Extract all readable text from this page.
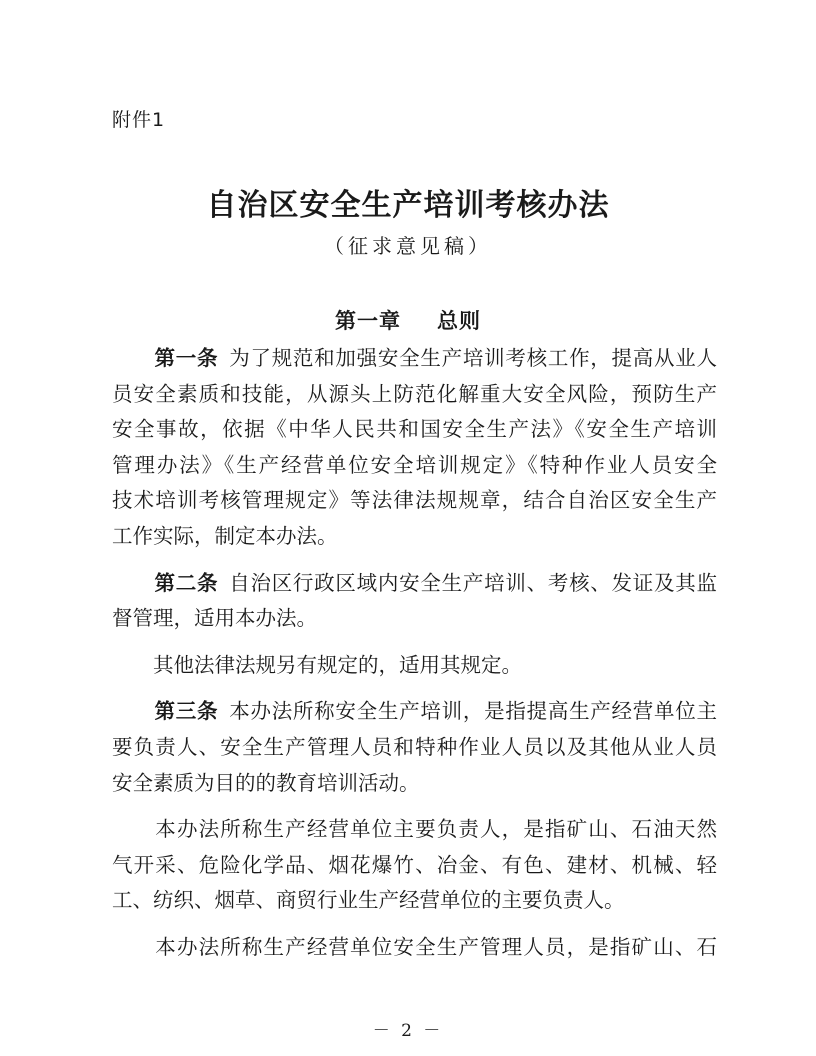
附件1
自治区安全生产培训考核办法
（征求意见稿）
第一章 总则
　　第一条  为了规范和加强安全生产培训考核工作，提高从业人
员安全素质和技能，从源头上防范化解重大安全风险，预防生产
安全事故，依据《中华人民共和国安全生产法》《安全生产培训
管理办法》《生产经营单位安全培训规定》《特种作业人员安全
技术培训考核管理规定》等法律法规规章，结合自治区安全生产
工作实际，制定本办法。
　　第二条  自治区行政区域内安全生产培训、考核、发证及其监
督管理，适用本办法。
　　其他法律法规另有规定的，适用其规定。
　　第三条  本办法所称安全生产培训，是指提高生产经营单位主
要负责人、安全生产管理人员和特种作业人员以及其他从业人员
安全素质为目的的教育培训活动。
　　本办法所称生产经营单位主要负责人，是指矿山、石油天然
气开采、危险化学品、烟花爆竹、冶金、有色、建材、机械、轻
工、纺织、烟草、商贸行业生产经营单位的主要负责人。
　　本办法所称生产经营单位安全生产管理人员，是指矿山、石
－ 2 －
